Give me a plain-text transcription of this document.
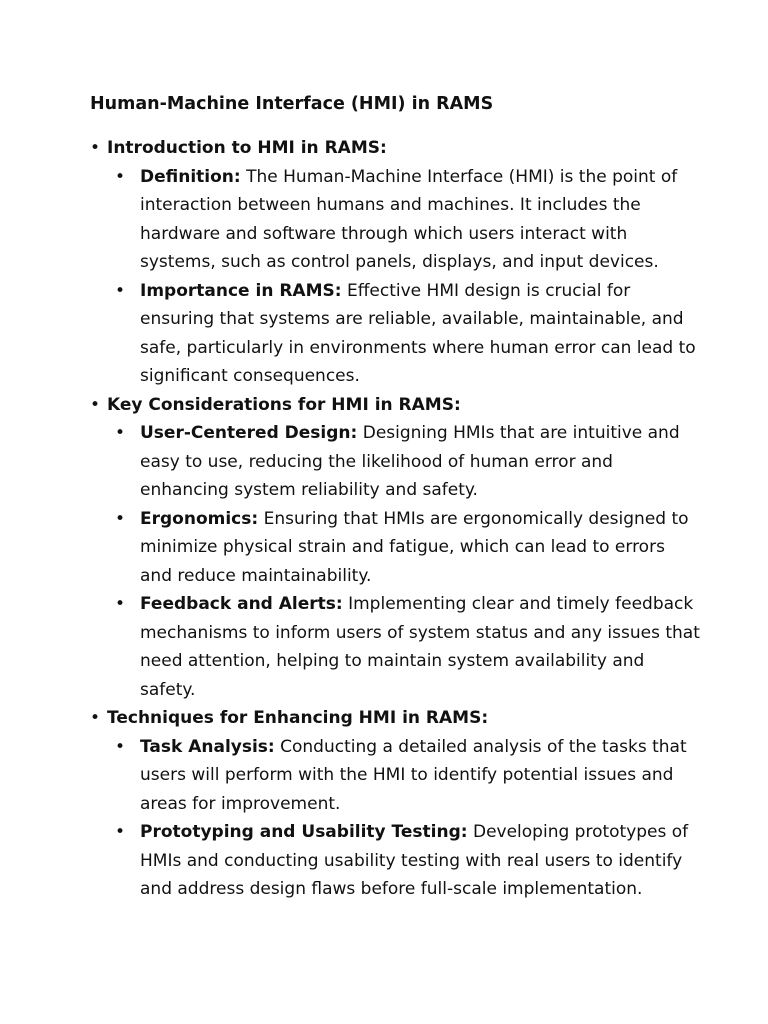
Human-Machine Interface (HMI) in RAMS
• Introduction to HMI in RAMS:
• Definition: The Human-Machine Interface (HMI) is the point of interaction between humans and machines. It includes the hardware and software through which users interact with systems, such as control panels, displays, and input devices.
• Importance in RAMS: Effective HMI design is crucial for ensuring that systems are reliable, available, maintainable, and safe, particularly in environments where human error can lead to significant consequences.
• Key Considerations for HMI in RAMS:
• User-Centered Design: Designing HMIs that are intuitive and easy to use, reducing the likelihood of human error and enhancing system reliability and safety.
• Ergonomics: Ensuring that HMIs are ergonomically designed to minimize physical strain and fatigue, which can lead to errors and reduce maintainability.
• Feedback and Alerts: Implementing clear and timely feedback mechanisms to inform users of system status and any issues that need attention, helping to maintain system availability and safety.
• Techniques for Enhancing HMI in RAMS:
• Task Analysis: Conducting a detailed analysis of the tasks that users will perform with the HMI to identify potential issues and areas for improvement.
• Prototyping and Usability Testing: Developing prototypes of HMIs and conducting usability testing with real users to identify and address design flaws before full-scale implementation.
